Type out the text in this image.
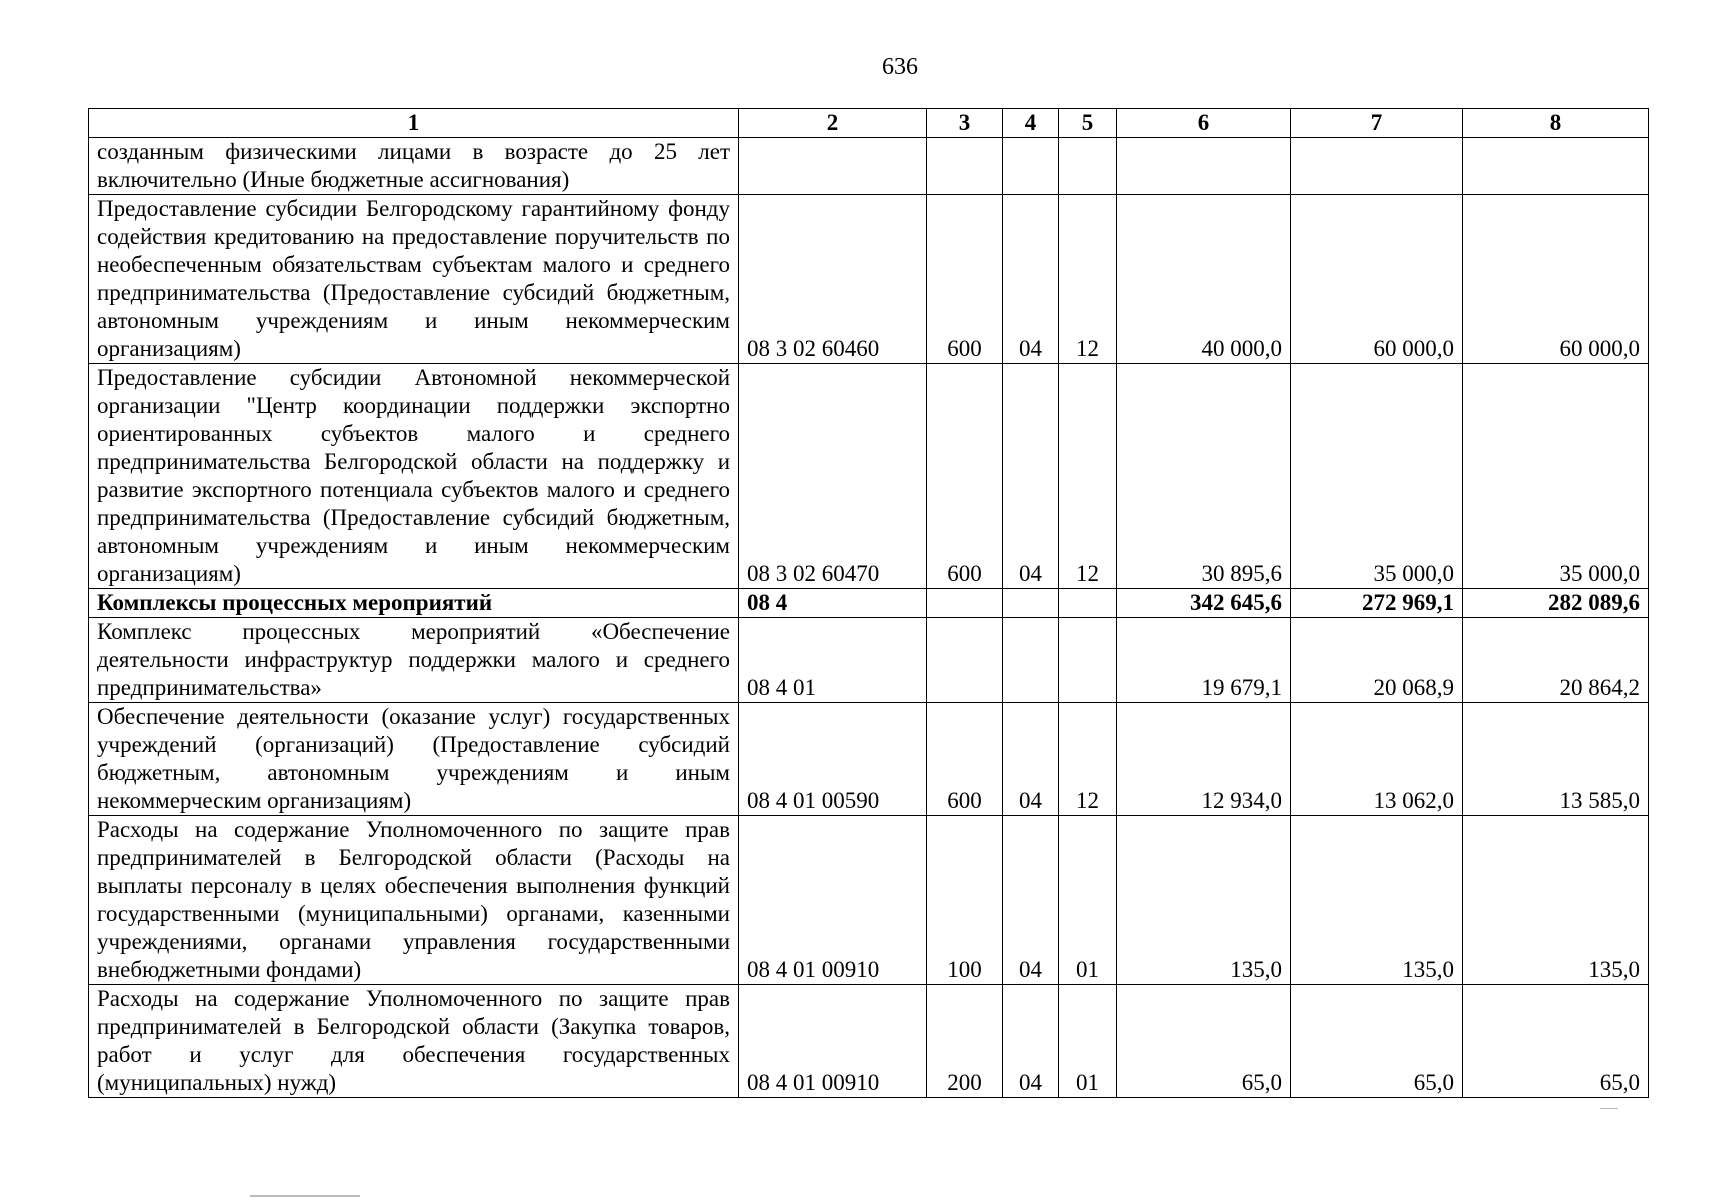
636
1	2	3	4	5	6	7	8
созданным физическими лицами в возрасте до 25 лет включительно (Иные бюджетные ассигнования)							
Предоставление субсидии Белгородскому гарантийному фонду содействия кредитованию на предоставление поручительств по необеспеченным обязательствам субъектам малого и среднего предпринимательства (Предоставление субсидий бюджетным, автономным учреждениям и иным некоммерческим организациям)	08 3 02 60460	600	04	12	40 000,0	60 000,0	60 000,0
Предоставление субсидии Автономной некоммерческой организации "Центр координации поддержки экспортно ориентированных субъектов малого и среднего предпринимательства Белгородской области на поддержку и развитие экспортного потенциала субъектов малого и среднего предпринимательства (Предоставление субсидий бюджетным, автономным учреждениям и иным некоммерческим организациям)	08 3 02 60470	600	04	12	30 895,6	35 000,0	35 000,0
Комплексы процессных мероприятий	08 4				342 645,6	272 969,1	282 089,6
Комплекс процессных мероприятий «Обеспечение деятельности инфраструктур поддержки малого и среднего предпринимательства»	08 4 01				19 679,1	20 068,9	20 864,2
Обеспечение деятельности (оказание услуг) государственных учреждений (организаций) (Предоставление субсидий бюджетным, автономным учреждениям и иным некоммерческим организациям)	08 4 01 00590	600	04	12	12 934,0	13 062,0	13 585,0
Расходы на содержание Уполномоченного по защите прав предпринимателей в Белгородской области (Расходы на выплаты персоналу в целях обеспечения выполнения функций государственными (муниципальными) органами, казенными учреждениями, органами управления государственными внебюджетными фондами)	08 4 01 00910	100	04	01	135,0	135,0	135,0
Расходы на содержание Уполномоченного по защите прав предпринимателей в Белгородской области (Закупка товаров, работ и услуг для обеспечения государственных (муниципальных) нужд)	08 4 01 00910	200	04	01	65,0	65,0	65,0
